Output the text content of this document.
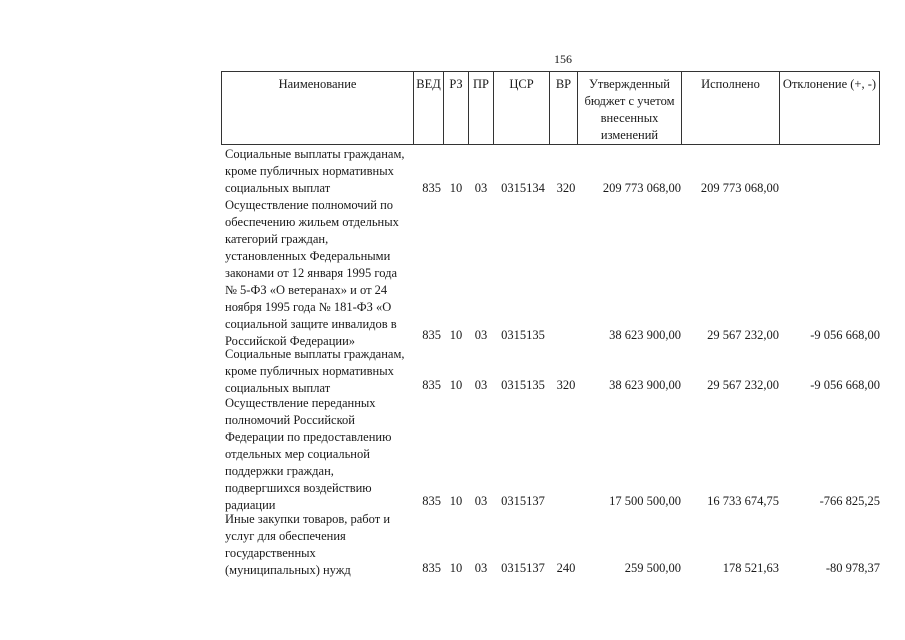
156
Наименование	ВЕД	РЗ	ПР	ЦСР	ВР	Утвержденный бюджет с учетом внесенных изменений	Исполнено	Отклонение (+, -)
Социальные выплаты гражданам,
кроме публичных нормативных
социальных выплат	835 10 03 0315134 320	209 773 068,00	209 773 068,00
Осуществление полномочий по
обеспечению жильем отдельных
категорий граждан,
установленных Федеральными
законами от 12 января 1995 года
№ 5-ФЗ «О ветеранах» и от 24
ноября 1995 года № 181-ФЗ «О
социальной защите инвалидов в
Российской Федерации»	835 10 03 0315135	38 623 900,00	29 567 232,00	-9 056 668,00
Социальные выплаты гражданам,
кроме публичных нормативных
социальных выплат	835 10 03 0315135 320	38 623 900,00	29 567 232,00	-9 056 668,00
Осуществление переданных
полномочий Российской
Федерации по предоставлению
отдельных мер социальной
поддержки граждан,
подвергшихся воздействию
радиации	835 10 03 0315137	17 500 500,00	16 733 674,75	-766 825,25
Иные закупки товаров, работ и
услуг для обеспечения
государственных
(муниципальных) нужд	835 10 03 0315137 240	259 500,00	178 521,63	-80 978,37
